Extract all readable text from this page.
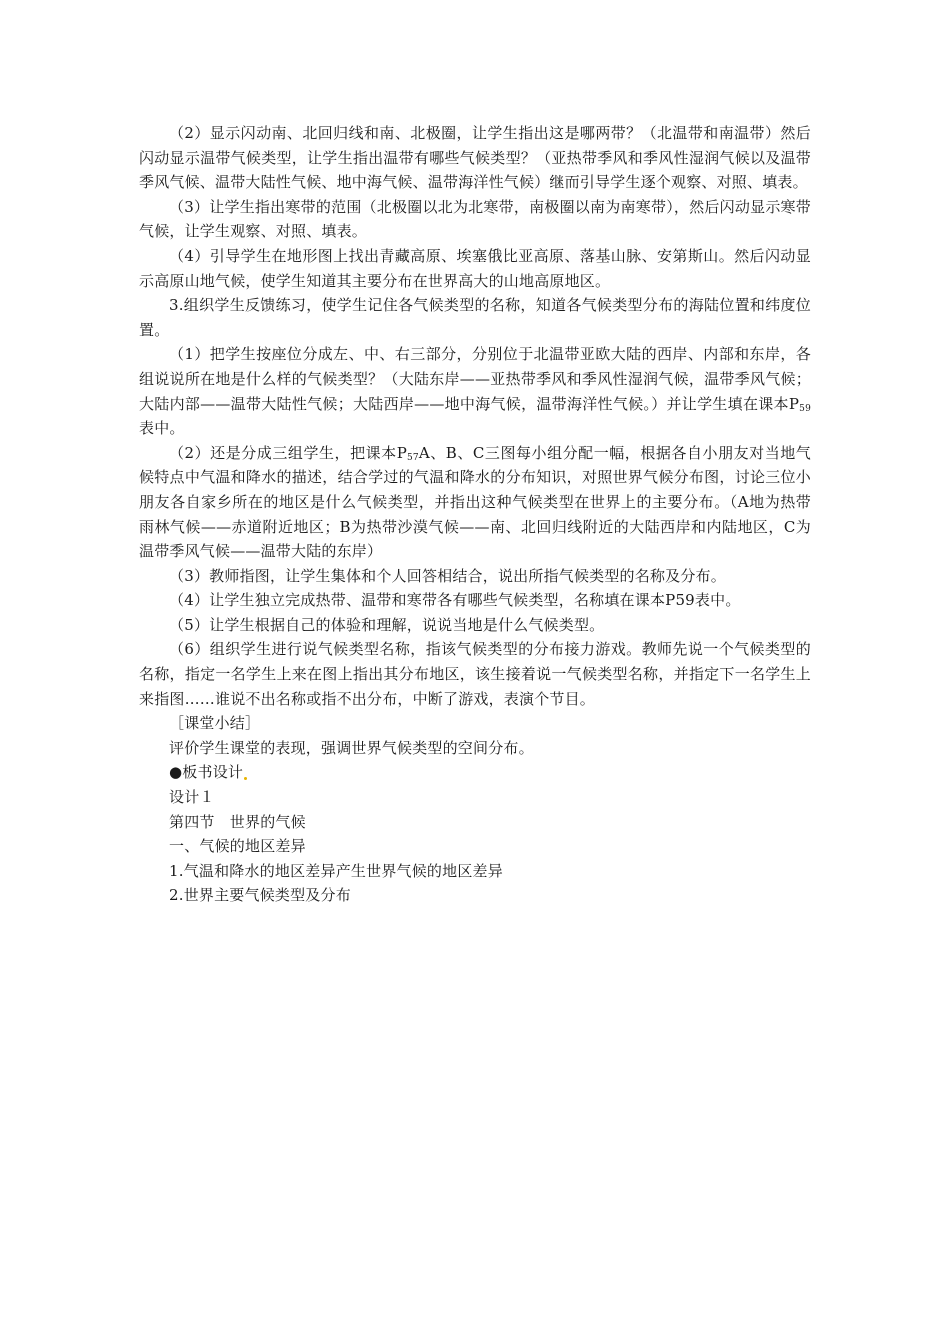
（2）显示闪动南、北回归线和南、北极圈，让学生指出这是哪两带？（北温带和南温带）然后闪动显示温带气候类型，让学生指出温带有哪些气候类型？（亚热带季风和季风性湿润气候以及温带季风气候、温带大陆性气候、地中海气候、温带海洋性气候）继而引导学生逐个观察、对照、填表。

（3）让学生指出寒带的范围（北极圈以北为北寒带，南极圈以南为南寒带），然后闪动显示寒带气候，让学生观察、对照、填表。

（4）引导学生在地形图上找出青藏高原、埃塞俄比亚高原、落基山脉、安第斯山。然后闪动显示高原山地气候，使学生知道其主要分布在世界高大的山地高原地区。

3.组织学生反馈练习，使学生记住各气候类型的名称，知道各气候类型分布的海陆位置和纬度位置。

（1）把学生按座位分成左、中、右三部分，分别位于北温带亚欧大陆的西岸、内部和东岸，各组说说所在地是什么样的气候类型？（大陆东岸——亚热带季风和季风性湿润气候，温带季风气候；大陆内部——温带大陆性气候；大陆西岸——地中海气候，温带海洋性气候。）并让学生填在课本$P_{59}$表中。

（2）还是分成三组学生，把课本$P_{57}A$、B、C三图每小组分配一幅，根据各自小朋友对当地气候特点中气温和降水的描述，结合学过的气温和降水的分布知识，对照世界气候分布图，讨论三位小朋友各自家乡所在的地区是什么气候类型，并指出这种气候类型在世界上的主要分布。（A地为热带雨林气候——赤道附近地区；B为热带沙漠气候——南、北回归线附近的大陆西岸和内陆地区，C为温带季风气候——温带大陆的东岸）

（3）教师指图，让学生集体和个人回答相结合，说出所指气候类型的名称及分布。

（4）让学生独立完成热带、温带和寒带各有哪些气候类型，名称填在课本P59表中。

（5）让学生根据自己的体验和理解，说说当地是什么气候类型。

（6）组织学生进行说气候类型名称，指该气候类型的分布接力游戏。教师先说一个气候类型的名称，指定一名学生上来在图上指出其分布地区，该生接着说一气候类型名称，并指定下一名学生上来指图……谁说不出名称或指不出分布，中断了游戏，表演个节目。

［课堂小结］

评价学生课堂的表现，强调世界气候类型的空间分布。

●板书设计

设计１

第四节　世界的气候

一、气候的地区差异

1.气温和降水的地区差异产生世界气候的地区差异

2.世界主要气候类型及分布
